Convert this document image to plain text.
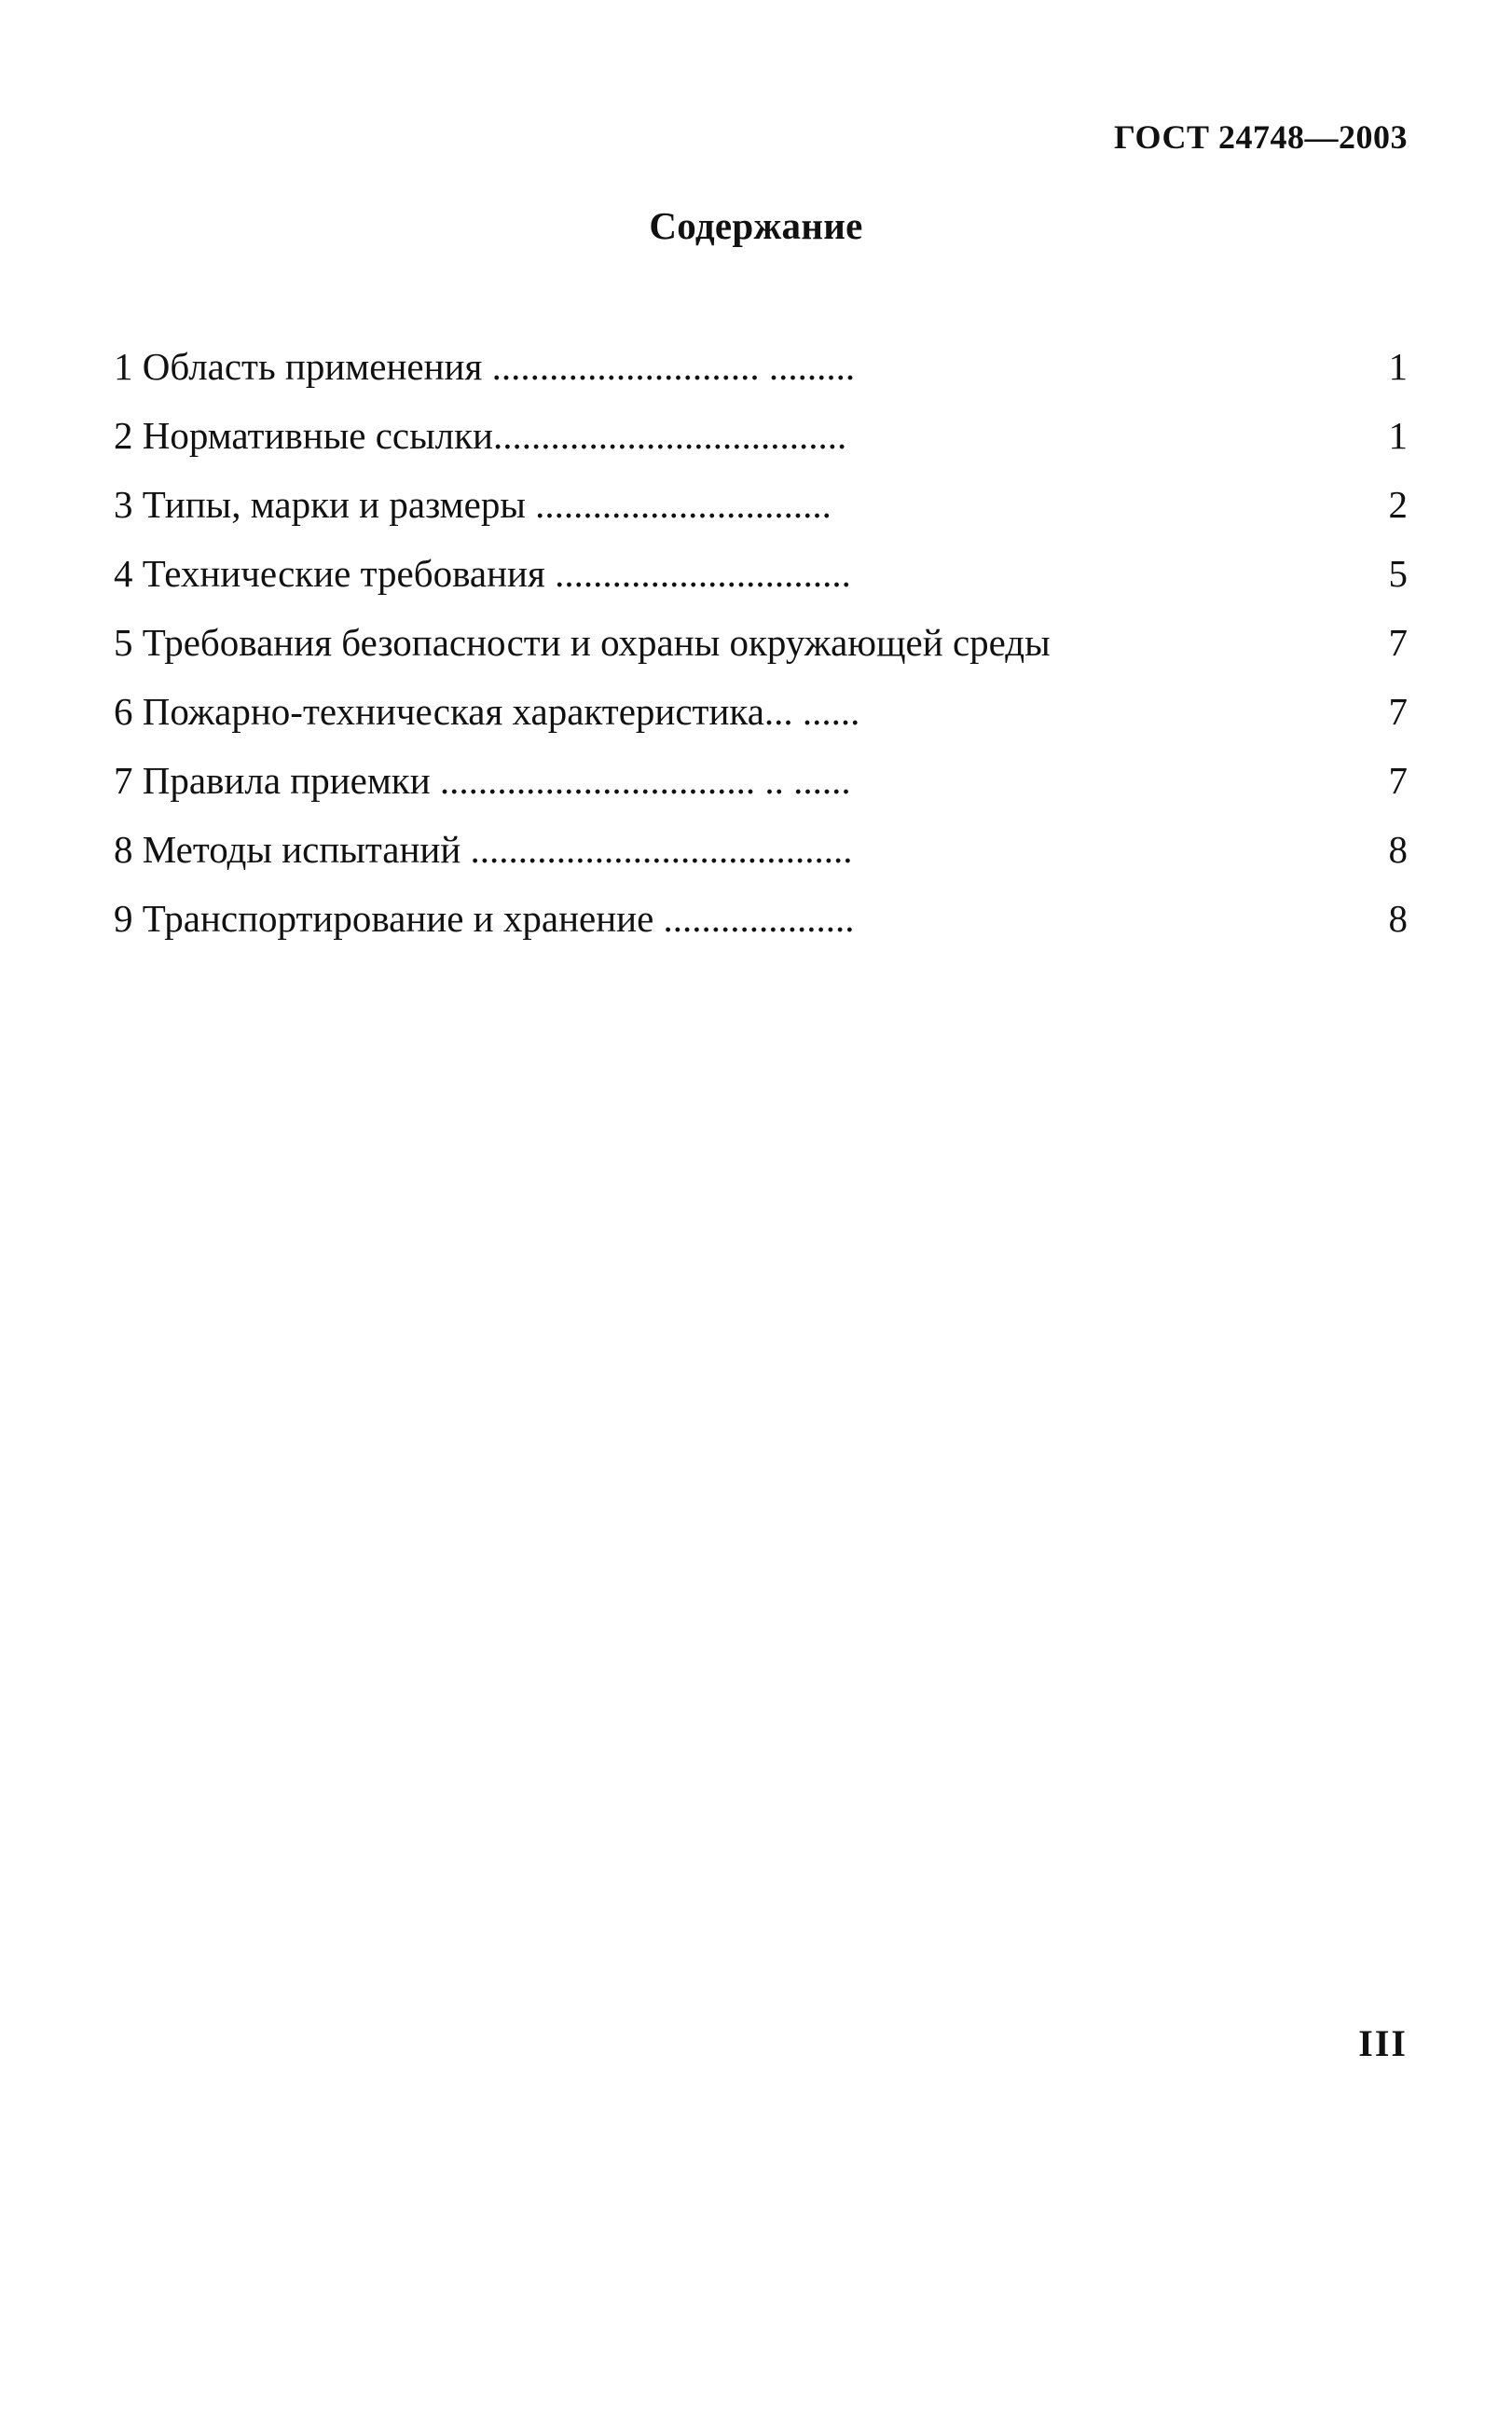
ГОСТ 24748—2003
Содержание
1 Область применения ............................ .........	1
2 Нормативные ссылки.....................................	1
3 Типы, марки и размеры ...............................	2
4 Технические требования ...............................	5
5 Требования безопасности и охраны окружающей среды	7
6 Пожарно-техническая характеристика... ......	7
7 Правила приемки ................................. .. ......	7
8 Методы испытаний ........................................	8
9 Транспортирование и хранение ....................	8
III
